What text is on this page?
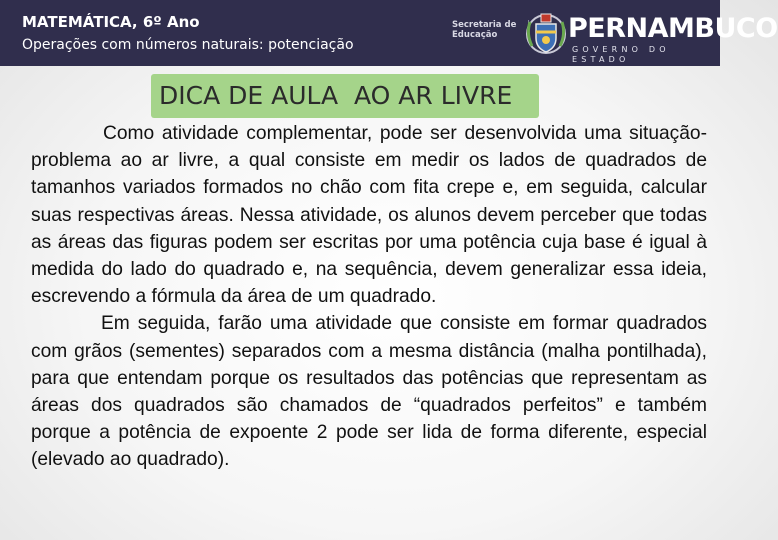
MATEMÁTICA, 6º Ano
Operações com números naturais: potenciação
Secretaria de
Educação	PERNAMBUCO
GOVERNO DO ESTADO
DICA DE AULA  AO AR LIVRE

Como atividade complementar, pode ser desenvolvida uma situação-problema ao ar livre, a qual consiste em medir os lados de quadrados de tamanhos variados formados no chão com fita crepe e, em seguida, calcular suas respectivas áreas. Nessa atividade, os alunos devem perceber que todas as áreas das figuras podem ser escritas por uma potência cuja base é igual à medida do lado do quadrado e, na sequência, devem generalizar essa ideia, escrevendo a fórmula da área de um quadrado.

Em seguida, farão uma atividade que consiste em formar quadrados com grãos (sementes) separados com a mesma distância (malha pontilhada), para que entendam porque os resultados das potências que representam as áreas dos quadrados são chamados de “quadrados perfeitos” e também porque a potência de expoente 2 pode ser lida de forma diferente, especial (elevado ao quadrado).
